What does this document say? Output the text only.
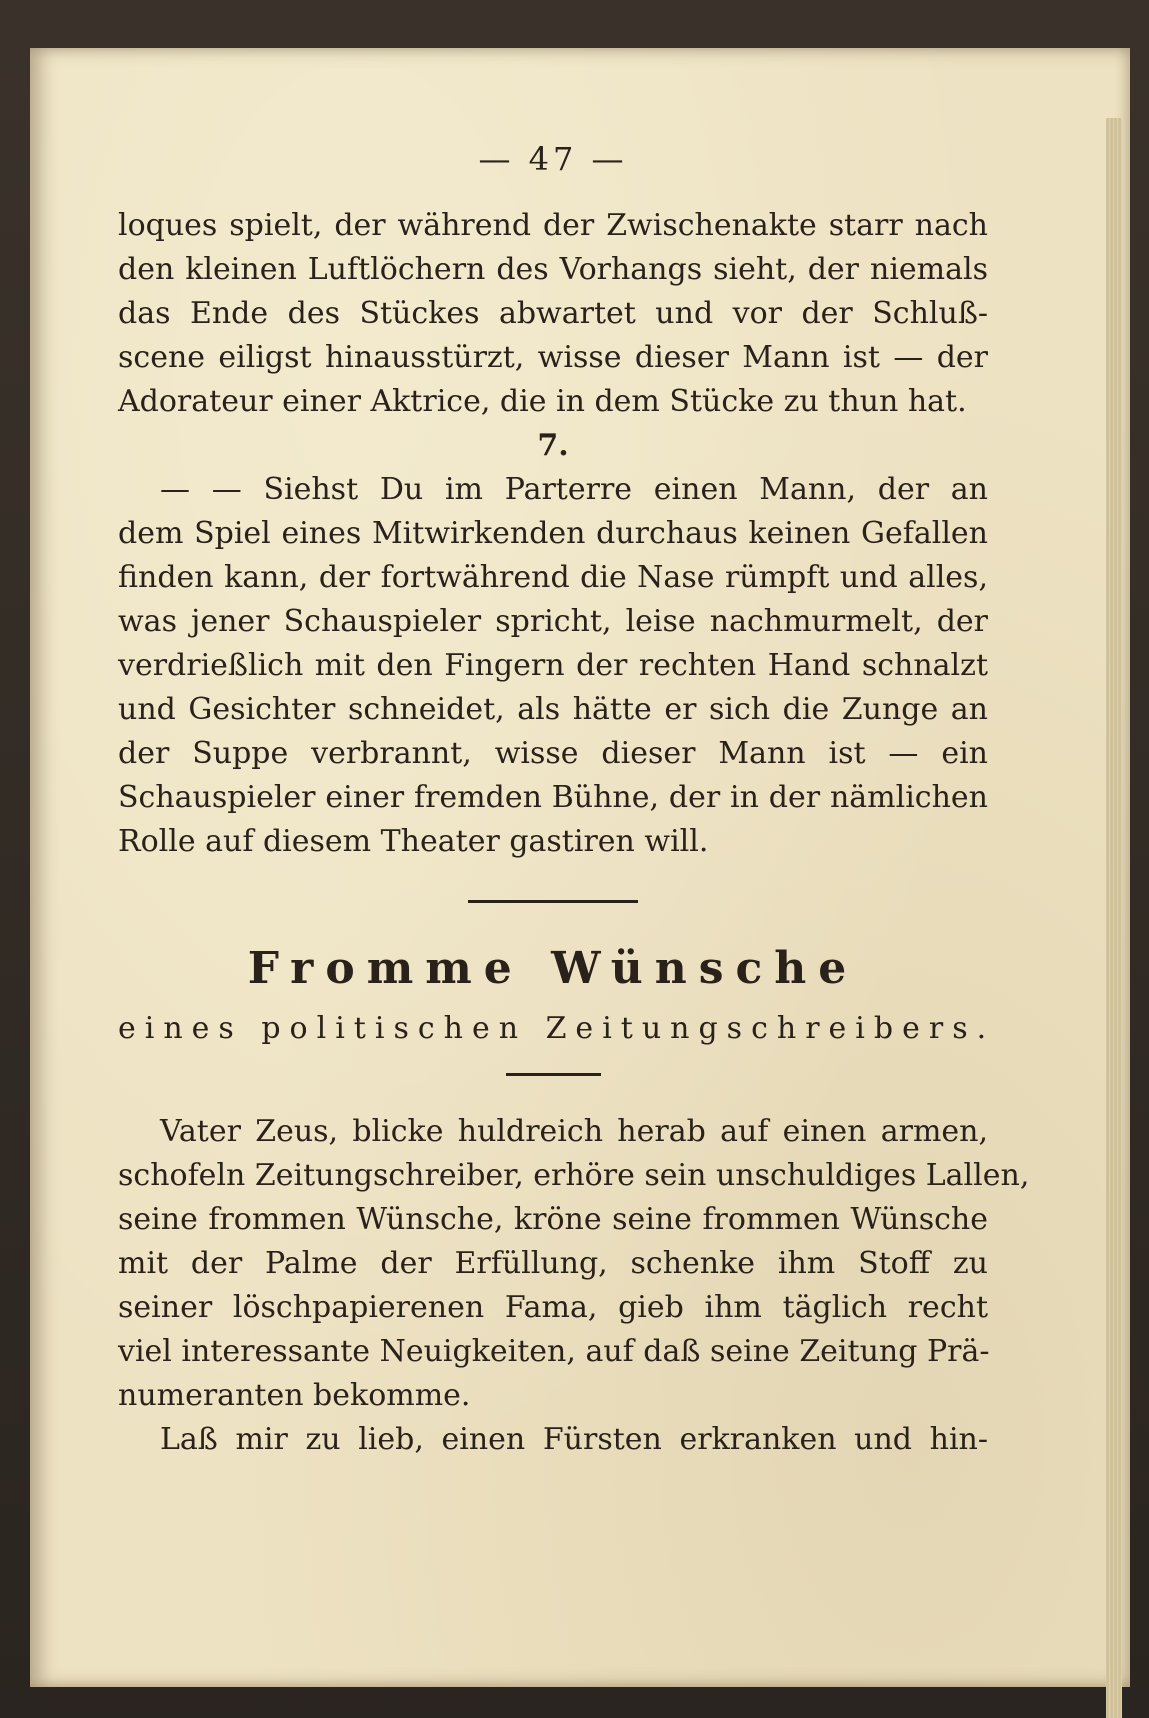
— 47 —
loques spielt, der während der Zwischenakte starr nach
den kleinen Luftlöchern des Vorhangs sieht, der niemals
das Ende des Stückes abwartet und vor der Schluß-
scene eiligst hinausstürzt, wisse dieser Mann ist — der
Adorateur einer Aktrice, die in dem Stücke zu thun hat.
7.
— — Siehst Du im Parterre einen Mann, der an
dem Spiel eines Mitwirkenden durchaus keinen Gefallen
finden kann, der fortwährend die Nase rümpft und alles,
was jener Schauspieler spricht, leise nachmurmelt, der
verdrießlich mit den Fingern der rechten Hand schnalzt
und Gesichter schneidet, als hätte er sich die Zunge an
der Suppe verbrannt, wisse dieser Mann ist — ein
Schauspieler einer fremden Bühne, der in der nämlichen
Rolle auf diesem Theater gastiren will.
Fromme Wünsche
eines politischen Zeitungschreibers.
Vater Zeus, blicke huldreich herab auf einen armen,
schofeln Zeitungschreiber, erhöre sein unschuldiges Lallen,
seine frommen Wünsche, kröne seine frommen Wünsche
mit der Palme der Erfüllung, schenke ihm Stoff zu
seiner löschpapierenen Fama, gieb ihm täglich recht
viel interessante Neuigkeiten, auf daß seine Zeitung Prä-
numeranten bekomme.
Laß mir zu lieb, einen Fürsten erkranken und hin-
